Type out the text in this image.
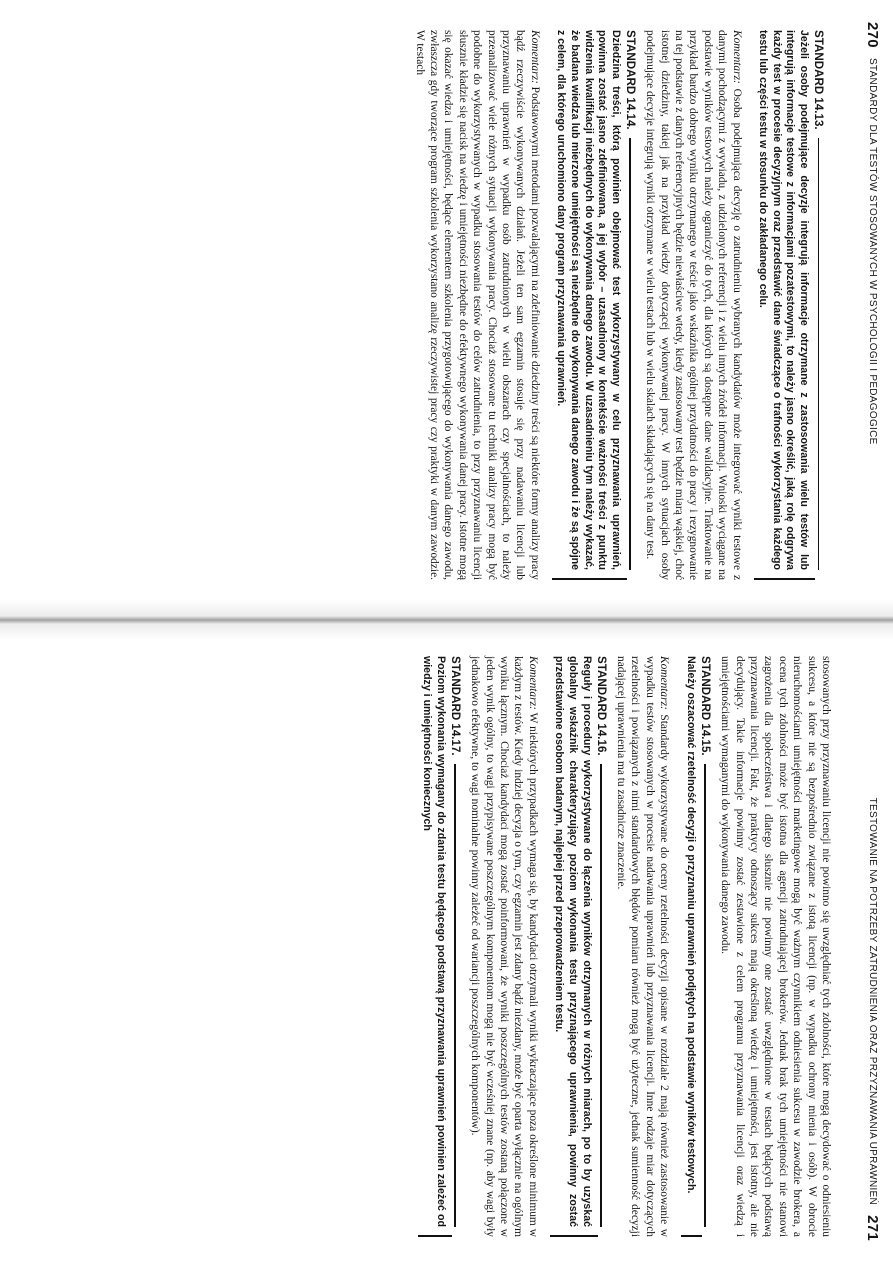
270
STANDARDY DLA TESTÓW STOSOWANYCH W PSYCHOLOGII I PEDAGOGICE
STANDARD 14.13.
Jeżeli osoby podejmujące decyzje integrują informacje otrzymane z zastosowania wielu testów lub integrują informacje testowe z informacjami pozatestowymi, to należy jasno określić, jaką rolę odgrywa każdy test w procesie decyzyjnym oraz przedstawić dane świadczące o trafności wykorzystania każdego testu lub części testu w stosunku do zakładanego celu.

Komentarz: Osoba podejmująca decyzję o zatrudnieniu wybranych kandydatów może integrować wyniki testowe z danymi pochodzącymi z wywiadu, z udzielonych referencji i z wielu innych źródeł informacji. Wnioski wyciągane na podstawie wyników testowych należy ograniczyć do tych, dla których są dostępne dane walidacyjne. Traktowanie na przykład bardzo dobrego wyniku otrzymanego w teście jako wskaźnika ogólnej przydatności do pracy i rezygnowanie na tej podstawie z danych referencyjnych będzie niewłaściwe wtedy, kiedy zastosowany test będzie miarą wąskiej, choć istotnej dziedziny, takiej jak na przykład wiedzy dotyczącej wykonywanej pracy. W innych sytuacjach osoby podejmujące decyzje integrują wyniki otrzymane w wielu testach lub w wielu skalach składających się na dany test.

STANDARD 14.14.
Dziedzina treści, którą powinien obejmować test wykorzystywany w celu przyznawania uprawnień, powinna zostać jasno zdefiniowana, a jej wybór – uzasadniony w kontekście ważności treści z punktu widzenia kwalifikacji niezbędnych do wykonywania danego zawodu. W uzasadnieniu tym należy wykazać, że badana wiedza lub mierzone umiejętności są niezbędne do wykonywania danego zawodu i że są spójne z celem, dla którego uruchomiono dany program przyznawania uprawnień.

Komentarz: Podstawowymi metodami pozwalającymi na zdefiniowanie dziedziny treści są niektóre formy analizy pracy bądź rzeczywiście wykonywanych działań. Jeżeli ten sam egzamin stosuje się przy nadawaniu licencji lub przyznawaniu uprawnień w wypadku osób zatrudnionych w wielu obszarach czy specjalnościach, to należy przeanalizować wiele różnych sytuacji wykonywania pracy. Chociaż stosowane tu techniki analizy pracy mogą być podobne do wykorzystywanych w wypadku stosowania testów do celów zatrudnienia, to przy przyznawaniu licencji słusznie kładzie się nacisk na wiedzę i umiejętności niezbędne do efektywnego wykonywania danej pracy. Istotne mogą się okazać wiedza i umiejętności, będące elementem szkolenia przygotowującego do wykonywania danego zawodu, zwłaszcza gdy tworzące program szkolenia wykorzystano analizę rzeczywistej pracy czy praktyki w danym zawodzie. W testach

TESTOWANIE NA POTRZEBY ZATRUDNIENIA ORAZ PRZYZNAWANIA UPRAWNIEŃ
271

stosowanych przy przyznawaniu licencji nie powinno się uwzględniać tych zdolności, które mogą decydować o odniesieniu sukcesu, a które nie są bezpośrednio związane z istotą licencji (np. w wypadku ochrony mienia i osób). W obrocie nieruchomościami umiejętności marketingowe mogą być ważnym czynnikiem odniesienia sukcesu w zawodzie brokera, a ocena tych zdolności może być istotna dla agencji zatrudniającej brokerów. Jednak brak tych umiejętności nie stanowi zagrożenia dla społeczeństwa i dlatego słusznie nie powinny one zostać uwzględnione w testach będących podstawą przyznawania licencji. Fakt, że praktycy odnoszący sukces mają określoną wiedzę i umiejętności, jest istotny, ale nie decydujący. Takie informacje powinny zostać zestawione z celem programu przyznawania licencji oraz wiedzą i umiejętnościami wymaganymi do wykonywania danego zawodu.

STANDARD 14.15.
Należy oszacować rzetelność decyzji o przyznaniu uprawnień podjętych na podstawie wyników testowych.

Komentarz: Standardy wykorzystywane do oceny rzetelności decyzji opisane w rozdziale 2 mają również zastosowanie w wypadku testów stosowanych w procesie nadawania uprawnień lub przyznawania licencji. Inne rodzaje miar dotyczących rzetelności i powiązanych z nimi standardowych błędów pomiaru również mogą być użyteczne, jednak sumienność decyzji nadającej uprawnienia ma tu zasadnicze znaczenie.

STANDARD 14.16.
Reguły i procedury wykorzystywane do łączenia wyników otrzymanych w różnych miarach, po to by uzyskać globalny wskaźnik charakteryzujący poziom wykonania testu przyznającego uprawnienia, powinny zostać przedstawione osobom badanym, najlepiej przed przeprowadzeniem testu.

Komentarz: W niektórych przypadkach wymaga się, by kandydaci otrzymali wyniki wykraczające poza określone minimum w każdym z testów. Kiedy indziej decyzja o tym, czy egzamin jest zdany bądź niezdany, może być oparta wyłącznie na ogólnym wyniku łącznym. Chociaż kandydaci mogą zostać poinformowani, że wyniki poszczególnych testów zostaną połączone w jeden wynik ogólny, to wagi przypisywane poszczególnym komponentom mogą nie być wcześniej znane (np. aby wagi były jednakowo efektywne, to wagi nominalne powinny zależeć od wariancji poszczególnych komponentów).

STANDARD 14.17.
Poziom wykonania wymagany do zdania testu będącego podstawą przyznawania uprawnień powinien zależeć od wiedzy i umiejętności koniecznych
